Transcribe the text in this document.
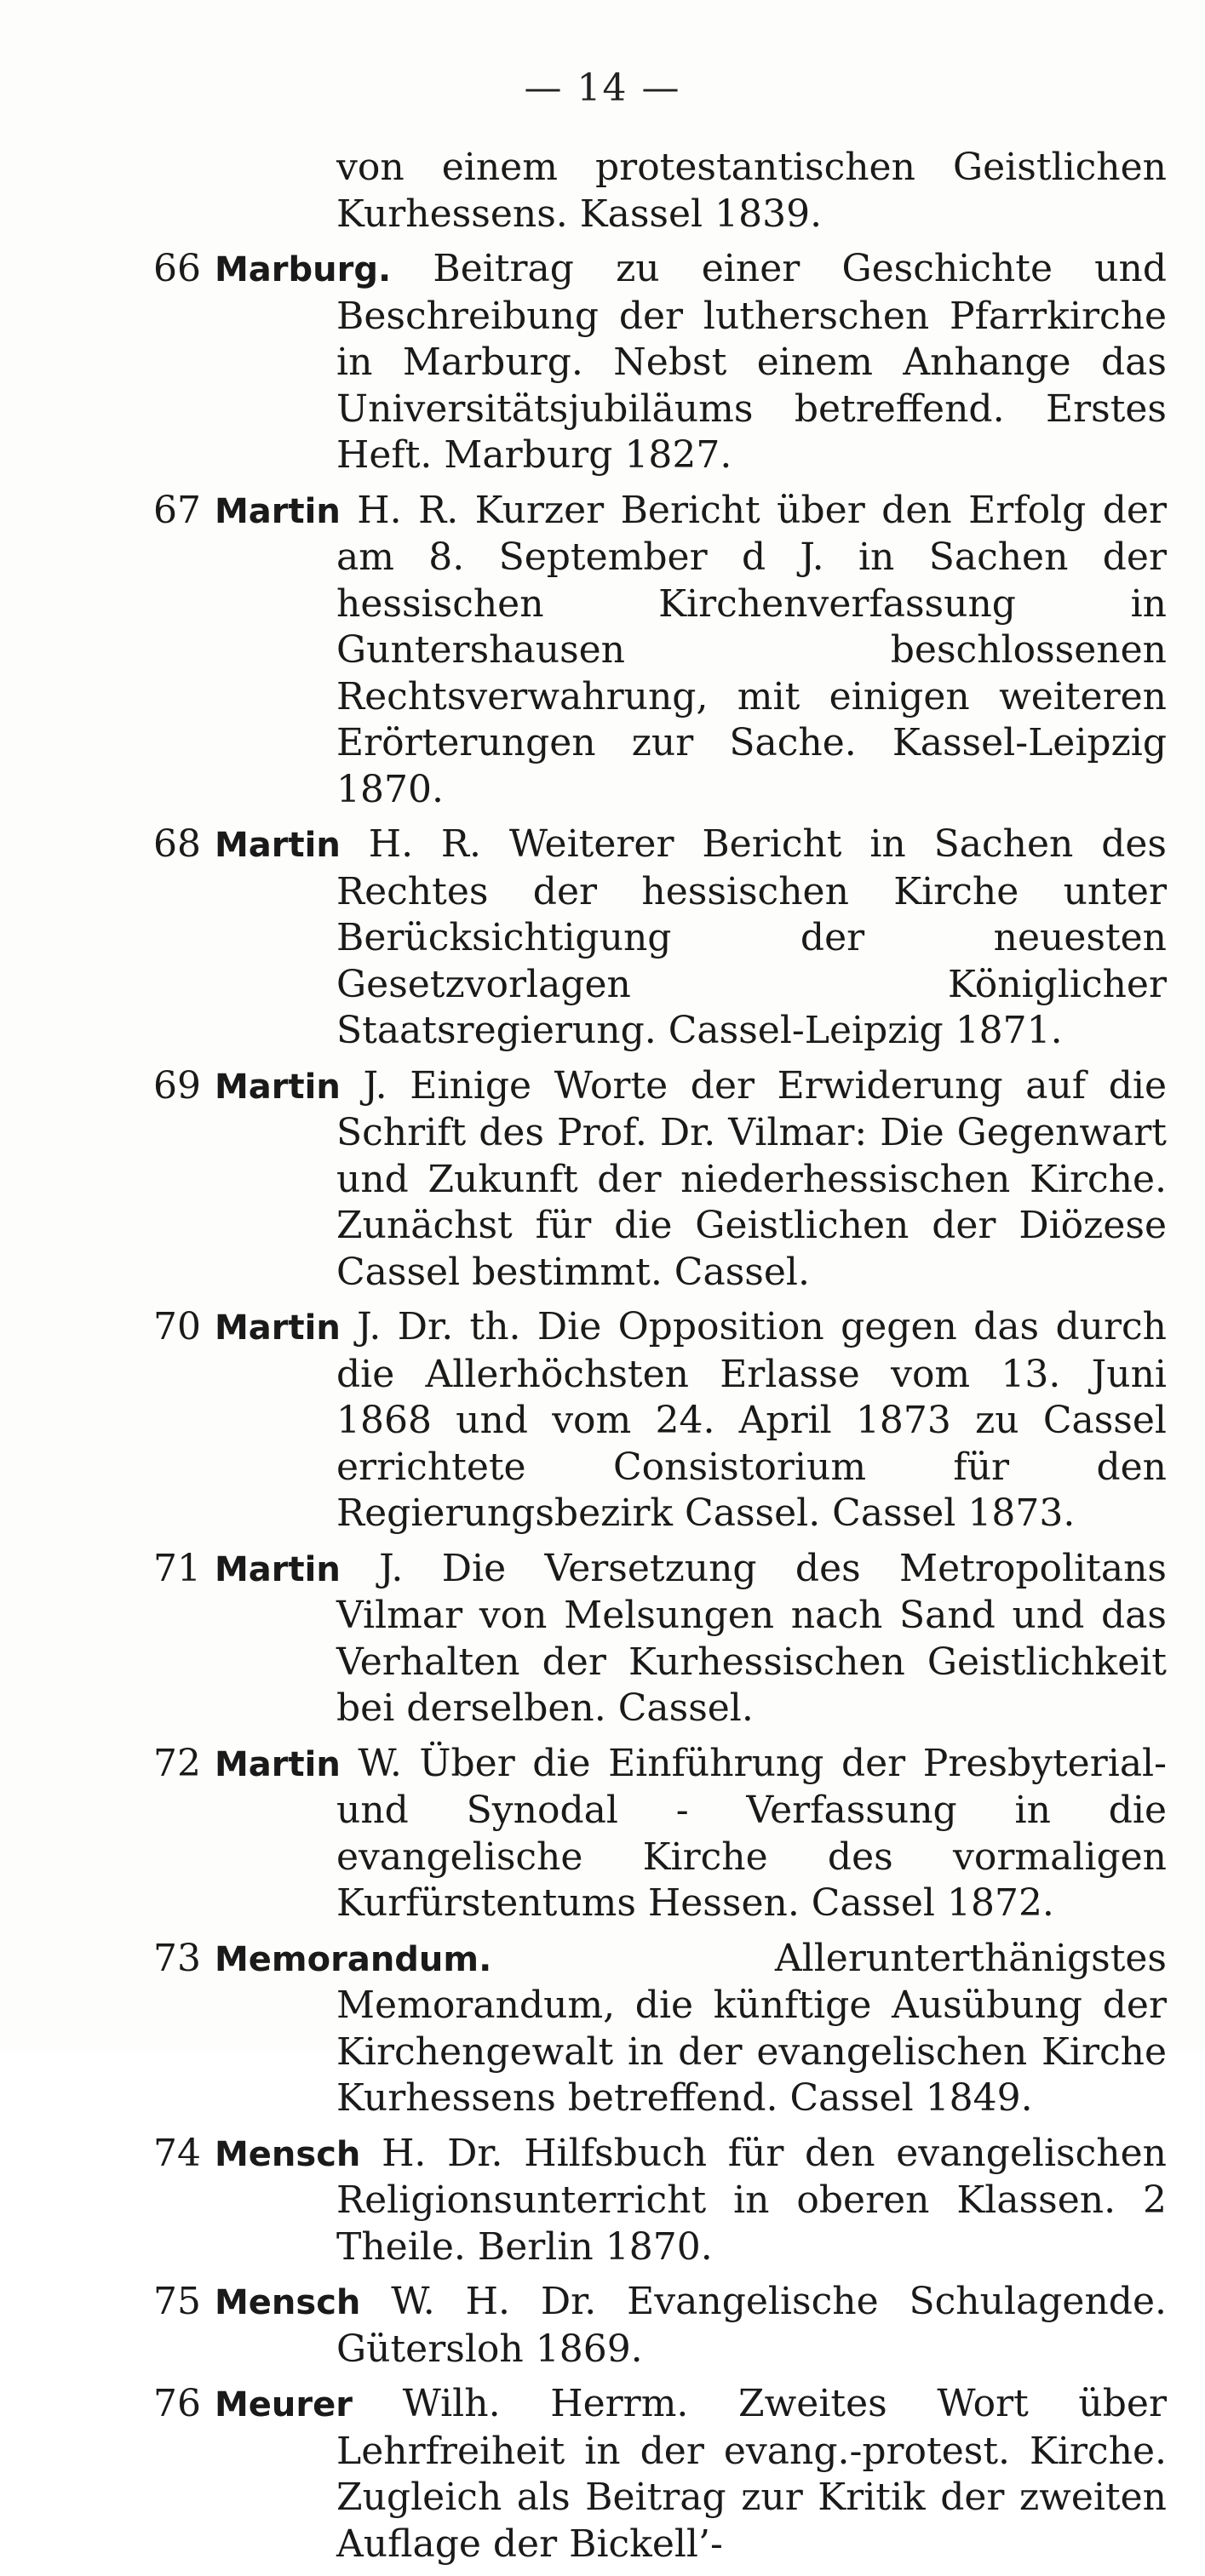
— 14 —
von einem protestantischen Geistlichen Kurhessens. Kassel 1839.
66 Marburg. Beitrag zu einer Geschichte und Beschreibung der lutherschen Pfarrkirche in Marburg. Nebst einem Anhange das Universitätsjubiläums betreffend. Erstes Heft. Marburg 1827.
67 Martin H. R. Kurzer Bericht über den Erfolg der am 8. September d J. in Sachen der hessischen Kirchenverfassung in Guntershausen beschlossenen Rechtsverwahrung, mit einigen weiteren Erörterungen zur Sache. Kassel-Leipzig 1870.
68 Martin H. R. Weiterer Bericht in Sachen des Rechtes der hessischen Kirche unter Berücksichtigung der neuesten Gesetzvorlagen Königlicher Staatsregierung. Cassel-Leipzig 1871.
69 Martin J. Einige Worte der Erwiderung auf die Schrift des Prof. Dr. Vilmar: Die Gegenwart und Zukunft der niederhessischen Kirche. Zunächst für die Geistlichen der Diözese Cassel bestimmt. Cassel.
70 Martin J. Dr. th. Die Opposition gegen das durch die Allerhöchsten Erlasse vom 13. Juni 1868 und vom 24. April 1873 zu Cassel errichtete Consistorium für den Regierungsbezirk Cassel. Cassel 1873.
71 Martin J. Die Versetzung des Metropolitans Vilmar von Melsungen nach Sand und das Verhalten der Kurhessischen Geistlichkeit bei derselben. Cassel.
72 Martin W. Über die Einführung der Presbyterial- und Synodal - Verfassung in die evangelische Kirche des vormaligen Kurfürstentums Hessen. Cassel 1872.
73 Memorandum. Allerunterthänigstes Memorandum, die künftige Ausübung der Kirchengewalt in der evangelischen Kirche Kurhessens betreffend. Cassel 1849.
74 Mensch H. Dr. Hilfsbuch für den evangelischen Religionsunterricht in oberen Klassen. 2 Theile. Berlin 1870.
75 Mensch W. H. Dr. Evangelische Schulagende. Gütersloh 1869.
76 Meurer Wilh. Herrm. Zweites Wort über Lehrfreiheit in der evang.-protest. Kirche. Zugleich als Beitrag zur Kritik der zweiten Auflage der Bickell’-
